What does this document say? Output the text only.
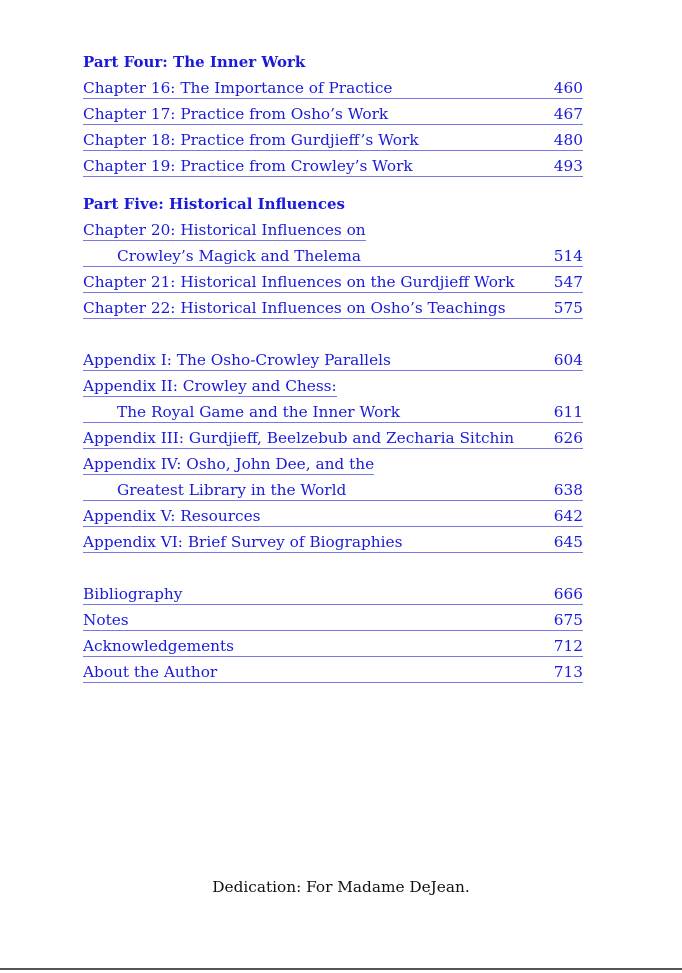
Part Four: The Inner Work
Chapter 16: The Importance of Practice	460
Chapter 17: Practice from Osho’s Work	467
Chapter 18: Practice from Gurdjieff’s Work	480
Chapter 19: Practice from Crowley’s Work	493
Part Five: Historical Influences
Chapter 20: Historical Influences on
Crowley’s Magick and Thelema	514
Chapter 21: Historical Influences on the Gurdjieff Work	547
Chapter 22: Historical Influences on Osho’s Teachings	575
Appendix I: The Osho-Crowley Parallels	604
Appendix II: Crowley and Chess:
The Royal Game and the Inner Work	611
Appendix III: Gurdjieff, Beelzebub and Zecharia Sitchin	626
Appendix IV: Osho, John Dee, and the
Greatest Library in the World	638
Appendix V: Resources	642
Appendix VI: Brief Survey of Biographies	645
Bibliography	666
Notes	675
Acknowledgements	712
About the Author	713
Dedication: For Madame DeJean.
